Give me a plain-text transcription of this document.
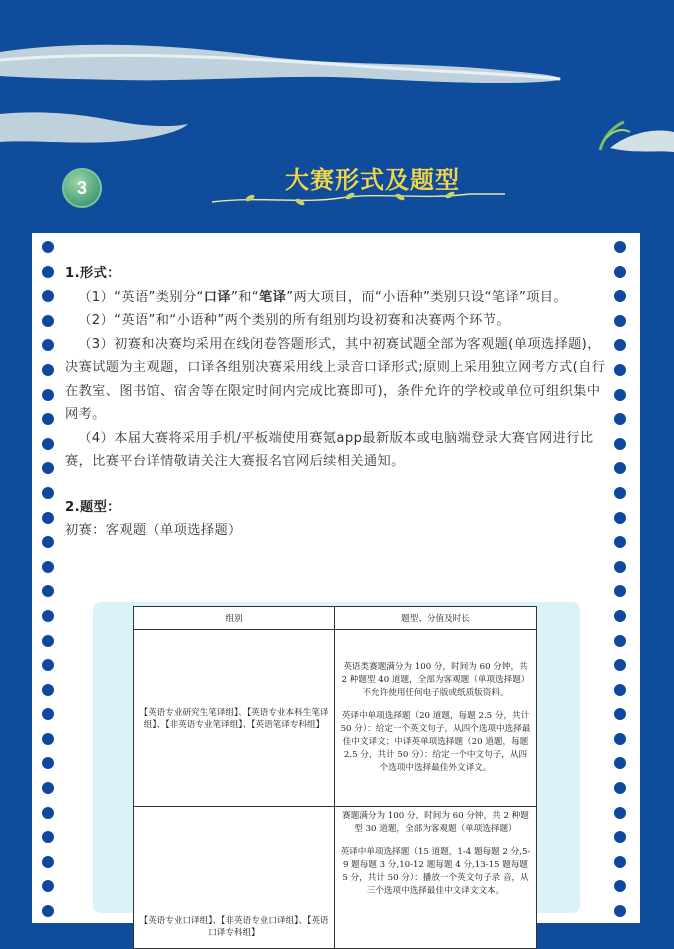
3	大赛形式及题型

1.形式：

（1）“英语”类别分“口译”和“笔译”两大项目，而“小语种”类别只设“笔译”项目。

（2）“英语”和“小语种”两个类别的所有组别均设初赛和决赛两个环节。

（3）初赛和决赛均采用在线闭卷答题形式，其中初赛试题全部为客观题(单项选择题)，决赛试题为主观题，口译各组别决赛采用线上录音口译形式;原则上采用独立网考方式(自行在教室、图书馆、宿舍等在限定时间内完成比赛即可)，条件允许的学校或单位可组织集中网考。

（4）本届大赛将采用手机/平板端使用赛氪app最新版本或电脑端登录大赛官网进行比赛，比赛平台详情敬请关注大赛报名官网后续相关通知。

2.题型：

初赛：客观题（单项选择题）

组别	题型、分值及时长
【英语专业研究生笔译组】、【英语专业本科生笔译组】、【非英语专业笔译组】、【英语笔译专科组】	英语类赛题满分为 100 分，时间为 60 分钟，共 2 种题型 40 道题，全部为客观题（单项选择题）不允许使用任何电子版或纸质版资料。

英译中单项选择题（20 道题，每题 2.5 分，共计 50 分）：给定一个英文句子，从四个选项中选择最佳中文译文；中译英单项选择题（20 道题，每题 2.5 分，共计 50 分）：给定一个中文句子，从四个选项中选择最佳外文译文。

【英语专业口译组】、【非英语专业口译组】、【英语口译专科组】	赛题满分为 100 分，时间为 60 分钟，共 2 种题型 30 道题，全部为客观题（单项选择题）

英译中单项选择题（15 道题，1-4 题每题 2 分,5-9 题每题 3 分,10-12 题每题 4 分,13-15 题每题 5 分，共计 50 分）：播放一个英文句子录 音，从三个选项中选择最佳中文译文文本。
